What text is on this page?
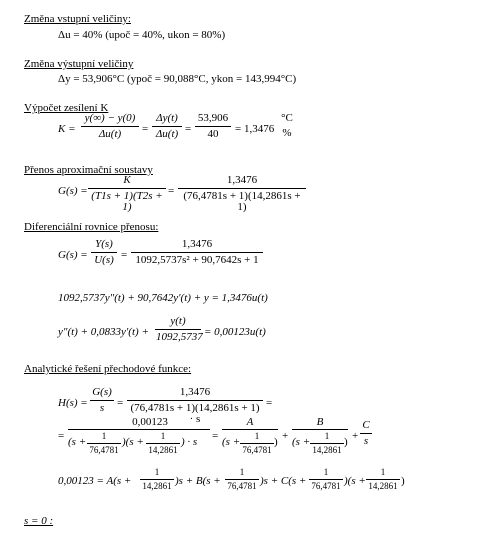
Změna vstupní veličiny:
Δu = 40% (upoč = 40%, ukon = 80%)
Změna výstupní veličiny
Δy = 53,906°C (ypoč = 90,088°C, ykon = 143,994°C)
Výpočet zesílení K
$K = \frac{y(\infty) - y(0)}{\Delta u(t)} = \frac{\Delta y(t)}{\Delta u(t)} = \frac{53,906}{40} = 1,3476$
°C
%
Přenos aproximační soustavy
$G(s) = \frac{K}{(T1s + 1)(T2s + 1)} = \frac{1,3476}{(76,4781s + 1)(14,2861s + 1)}$
Diferenciální rovnice přenosu:
$G(s) = \frac{Y(s)}{U(s)} = \frac{1,3476}{\text{1092,5737s² + 90,7642s + 1}}$
1092,5737y″(t) + 90,7642y′(t) + y = 1,3476u(t)
$y''(t) + 0,0833y'(t) + \frac{y(t)}{1092,5737} = 0,00123u(t)$
Analytické řešení přechodové funkce:
$H(s) = \frac{G(s)}{s} = \frac{1,3476}{(76,4781s + 1)(14,2861s + 1) \cdot s}$ =
=
0,00123
$(s + \frac{1}{76,4781} )(s + \frac{1}{14,2861}$ ) · s =
A
($s + \frac{1}{76,4781}$ ) +
B
($s + \frac{1}{14,2861}$ ) + $\frac{C}{s}$
$0,00123 = A(s + \frac{1}{14,2861} )s + B(s + \frac{1}{76,4781} )s + C(s + \frac{1}{76,4781} )(s + \frac{1}{14,2861}$ )
s = 0 :
